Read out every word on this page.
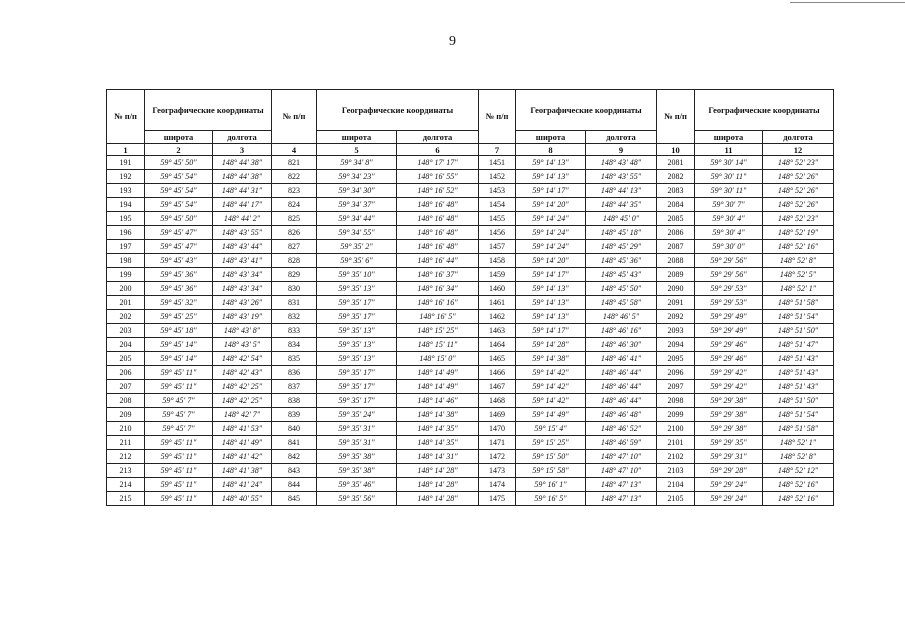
9
№ п/п	Географические координаты		№ п/п	Географические координаты		№ п/п	Географические координаты		№ п/п	Географические координаты	
	широта	долгота		широта	долгота		широта	долгота		широта	долгота
1	2	3	4	5	6	7	8	9	10	11	12
191	59° 45' 50"	148° 44' 38"	821	59° 34' 8"	148° 17' 17"	1451	59° 14' 13"	148° 43' 48"	2081	59° 30' 14"	148° 52' 23"
192	59° 45' 54"	148° 44' 38"	822	59° 34' 23"	148° 16' 55"	1452	59° 14' 13"	148° 43' 55"	2082	59° 30' 11"	148° 52' 26"
193	59° 45' 54"	148° 44' 31"	823	59° 34' 30"	148° 16' 52"	1453	59° 14' 17"	148° 44' 13"	2083	59° 30' 11"	148° 52' 26"
194	59° 45' 54"	148° 44' 17"	824	59° 34' 37"	148° 16' 48"	1454	59° 14' 20"	148° 44' 35"	2084	59° 30' 7"	148° 52' 26"
195	59° 45' 50"	148° 44' 2"	825	59° 34' 44"	148° 16' 48"	1455	59° 14' 24"	148° 45' 0"	2085	59° 30' 4"	148° 52' 23"
196	59° 45' 47"	148° 43' 55"	826	59° 34' 55"	148° 16' 48"	1456	59° 14' 24"	148° 45' 18"	2086	59° 30' 4"	148° 52' 19"
197	59° 45' 47"	148° 43' 44"	827	59° 35' 2"	148° 16' 48"	1457	59° 14' 24"	148° 45' 29"	2087	59° 30' 0"	148° 52' 16"
198	59° 45' 43"	148° 43' 41"	828	59° 35' 6"	148° 16' 44"	1458	59° 14' 20"	148° 45' 36"	2088	59° 29' 56"	148° 52' 8"
199	59° 45' 36"	148° 43' 34"	829	59° 35' 10"	148° 16' 37"	1459	59° 14' 17"	148° 45' 43"	2089	59° 29' 56"	148° 52' 5"
200	59° 45' 36"	148° 43' 34"	830	59° 35' 13"	148° 16' 34"	1460	59° 14' 13"	148° 45' 50"	2090	59° 29' 53"	148° 52' 1"
201	59° 45' 32"	148° 43' 26"	831	59° 35' 17"	148° 16' 16"	1461	59° 14' 13"	148° 45' 58"	2091	59° 29' 53"	148° 51' 58"
202	59° 45' 25"	148° 43' 19"	832	59° 35' 17"	148° 16' 5"	1462	59° 14' 13"	148° 46' 5"	2092	59° 29' 49"	148° 51' 54"
203	59° 45' 18"	148° 43' 8"	833	59° 35' 13"	148° 15' 25"	1463	59° 14' 17"	148° 46' 16"	2093	59° 29' 49"	148° 51' 50"
204	59° 45' 14"	148° 43' 5"	834	59° 35' 13"	148° 15' 11"	1464	59° 14' 28"	148° 46' 30"	2094	59° 29' 46"	148° 51' 47"
205	59° 45' 14"	148° 42' 54"	835	59° 35' 13"	148° 15' 0"	1465	59° 14' 38"	148° 46' 41"	2095	59° 29' 46"	148° 51' 43"
206	59° 45' 11"	148° 42' 43"	836	59° 35' 17"	148° 14' 49"	1466	59° 14' 42"	148° 46' 44"	2096	59° 29' 42"	148° 51' 43"
207	59° 45' 11"	148° 42' 25"	837	59° 35' 17"	148° 14' 49"	1467	59° 14' 42"	148° 46' 44"	2097	59° 29' 42"	148° 51' 43"
208	59° 45' 7"	148° 42' 25"	838	59° 35' 17"	148° 14' 46"	1468	59° 14' 42"	148° 46' 44"	2098	59° 29' 38"	148° 51' 50"
209	59° 45' 7"	148° 42' 7"	839	59° 35' 24"	148° 14' 38"	1469	59° 14' 49"	148° 46' 48"	2099	59° 29' 38"	148° 51' 54"
210	59° 45' 7"	148° 41' 53"	840	59° 35' 31"	148° 14' 35"	1470	59° 15' 4"	148° 46' 52"	2100	59° 29' 38"	148° 51' 58"
211	59° 45' 11"	148° 41' 49"	841	59° 35' 31"	148° 14' 35"	1471	59° 15' 25"	148° 46' 59"	2101	59° 29' 35"	148° 52' 1"
212	59° 45' 11"	148° 41' 42"	842	59° 35' 38"	148° 14' 31"	1472	59° 15' 50"	148° 47' 10"	2102	59° 29' 31"	148° 52' 8"
213	59° 45' 11"	148° 41' 38"	843	59° 35' 38"	148° 14' 28"	1473	59° 15' 58"	148° 47' 10"	2103	59° 29' 28"	148° 52' 12"
214	59° 45' 11"	148° 41' 24"	844	59° 35' 46"	148° 14' 28"	1474	59° 16' 1"	148° 47' 13"	2104	59° 29' 24"	148° 52' 16"
215	59° 45' 11"	148° 40' 55"	845	59° 35' 56"	148° 14' 28"	1475	59° 16' 5"	148° 47' 13"	2105	59° 29' 24"	148° 52' 16"
